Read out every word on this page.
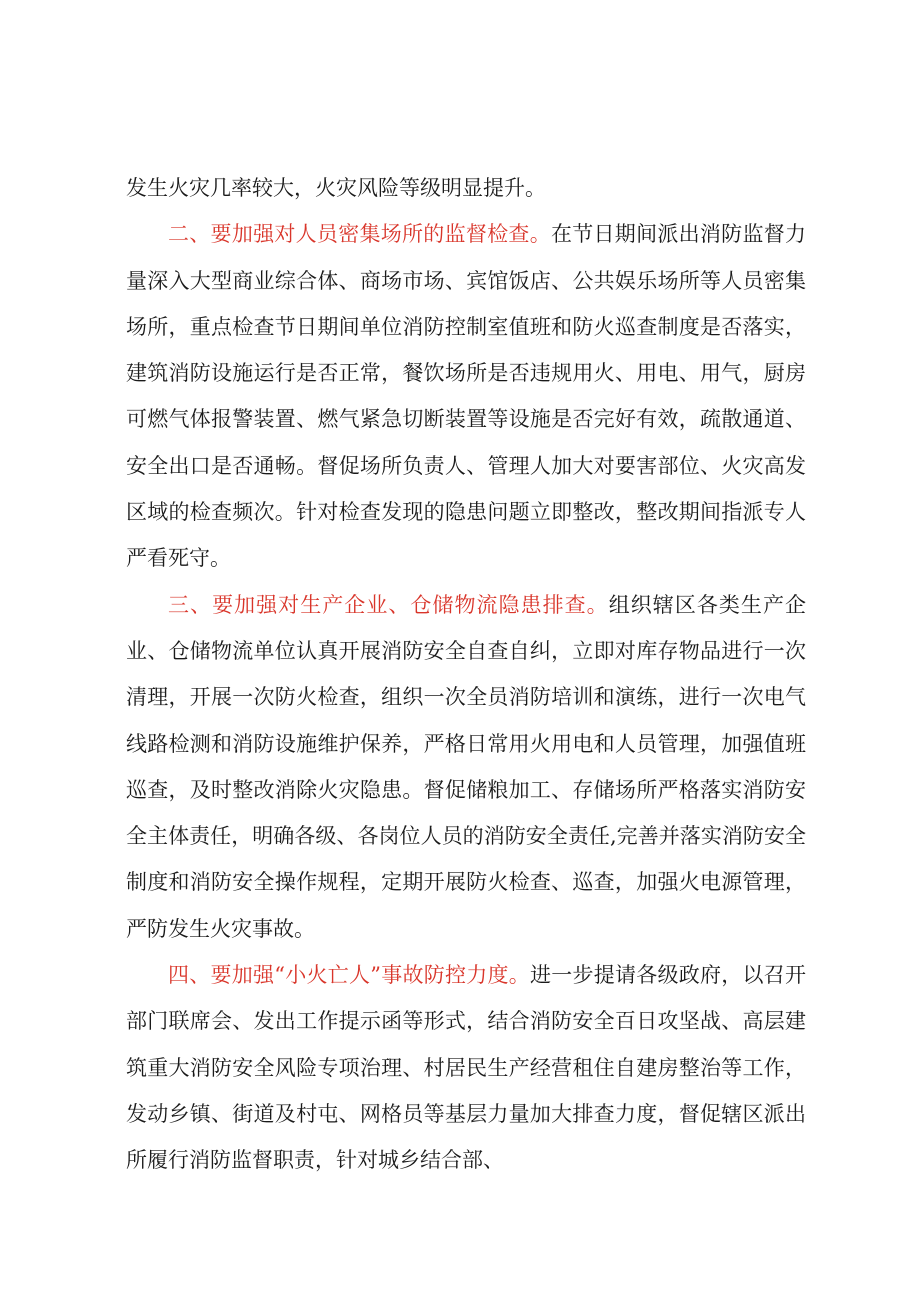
发生火灾几率较大，火灾风险等级明显提升。

二、要加强对人员密集场所的监督检查。在节日期间派出消防监督力量深入大型商业综合体、商场市场、宾馆饭店、公共娱乐场所等人员密集场所，重点检查节日期间单位消防控制室值班和防火巡查制度是否落实，建筑消防设施运行是否正常，餐饮场所是否违规用火、用电、用气，厨房可燃气体报警装置、燃气紧急切断装置等设施是否完好有效，疏散通道、安全出口是否通畅。督促场所负责人、管理人加大对要害部位、火灾高发区域的检查频次。针对检查发现的隐患问题立即整改，整改期间指派专人严看死守。

三、要加强对生产企业、仓储物流隐患排查。组织辖区各类生产企业、仓储物流单位认真开展消防安全自查自纠，立即对库存物品进行一次清理，开展一次防火检查，组织一次全员消防培训和演练，进行一次电气线路检测和消防设施维护保养，严格日常用火用电和人员管理，加强值班巡查，及时整改消除火灾隐患。督促储粮加工、存储场所严格落实消防安全主体责任，明确各级、各岗位人员的消防安全责任,完善并落实消防安全制度和消防安全操作规程，定期开展防火检查、巡查，加强火电源管理，严防发生火灾事故。

四、要加强“小火亡人”事故防控力度。进一步提请各级政府，以召开部门联席会、发出工作提示函等形式，结合消防安全百日攻坚战、高层建筑重大消防安全风险专项治理、村居民生产经营租住自建房整治等工作，发动乡镇、街道及村屯、网格员等基层力量加大排查力度，督促辖区派出所履行消防监督职责，针对城乡结合部、
